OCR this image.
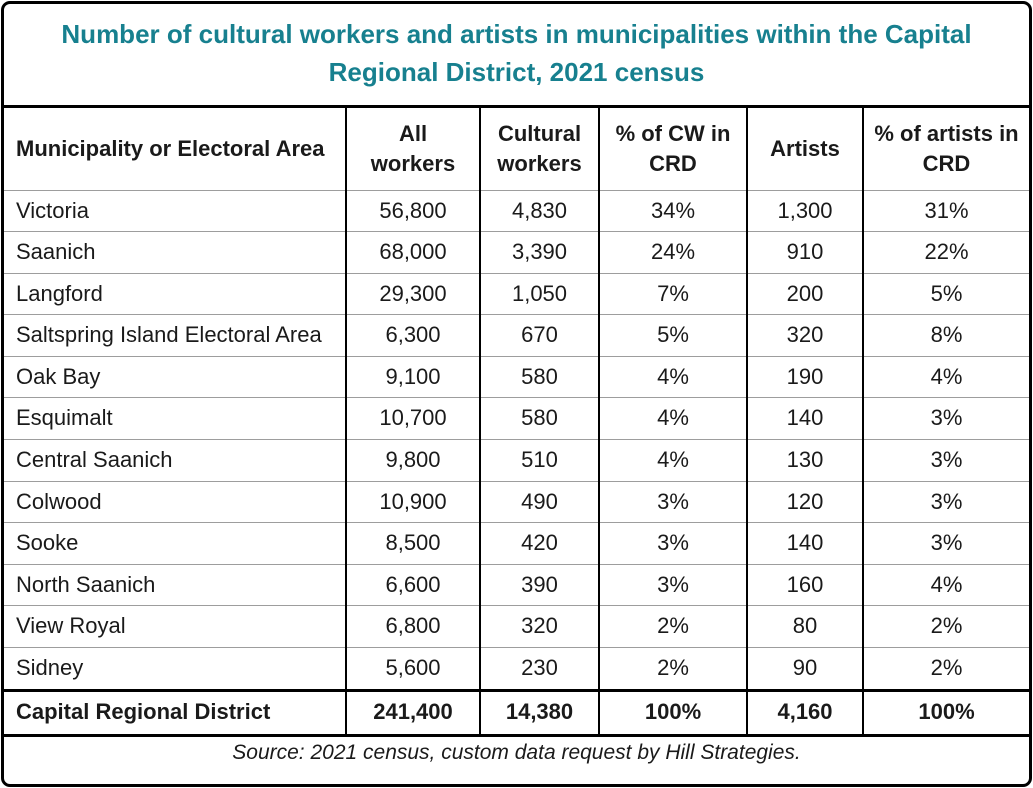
Number of cultural workers and artists in municipalities within the Capital Regional District, 2021 census
Municipality or Electoral Area	All workers	Cultural workers	% of CW in CRD	Artists	% of artists in CRD
Victoria	56,800	4,830	34%	1,300	31%
Saanich	68,000	3,390	24%	910	22%
Langford	29,300	1,050	7%	200	5%
Saltspring Island Electoral Area	6,300	670	5%	320	8%
Oak Bay	9,100	580	4%	190	4%
Esquimalt	10,700	580	4%	140	3%
Central Saanich	9,800	510	4%	130	3%
Colwood	10,900	490	3%	120	3%
Sooke	8,500	420	3%	140	3%
North Saanich	6,600	390	3%	160	4%
View Royal	6,800	320	2%	80	2%
Sidney	5,600	230	2%	90	2%
Capital Regional District	241,400	14,380	100%	4,160	100%
Source: 2021 census, custom data request by Hill Strategies.					
